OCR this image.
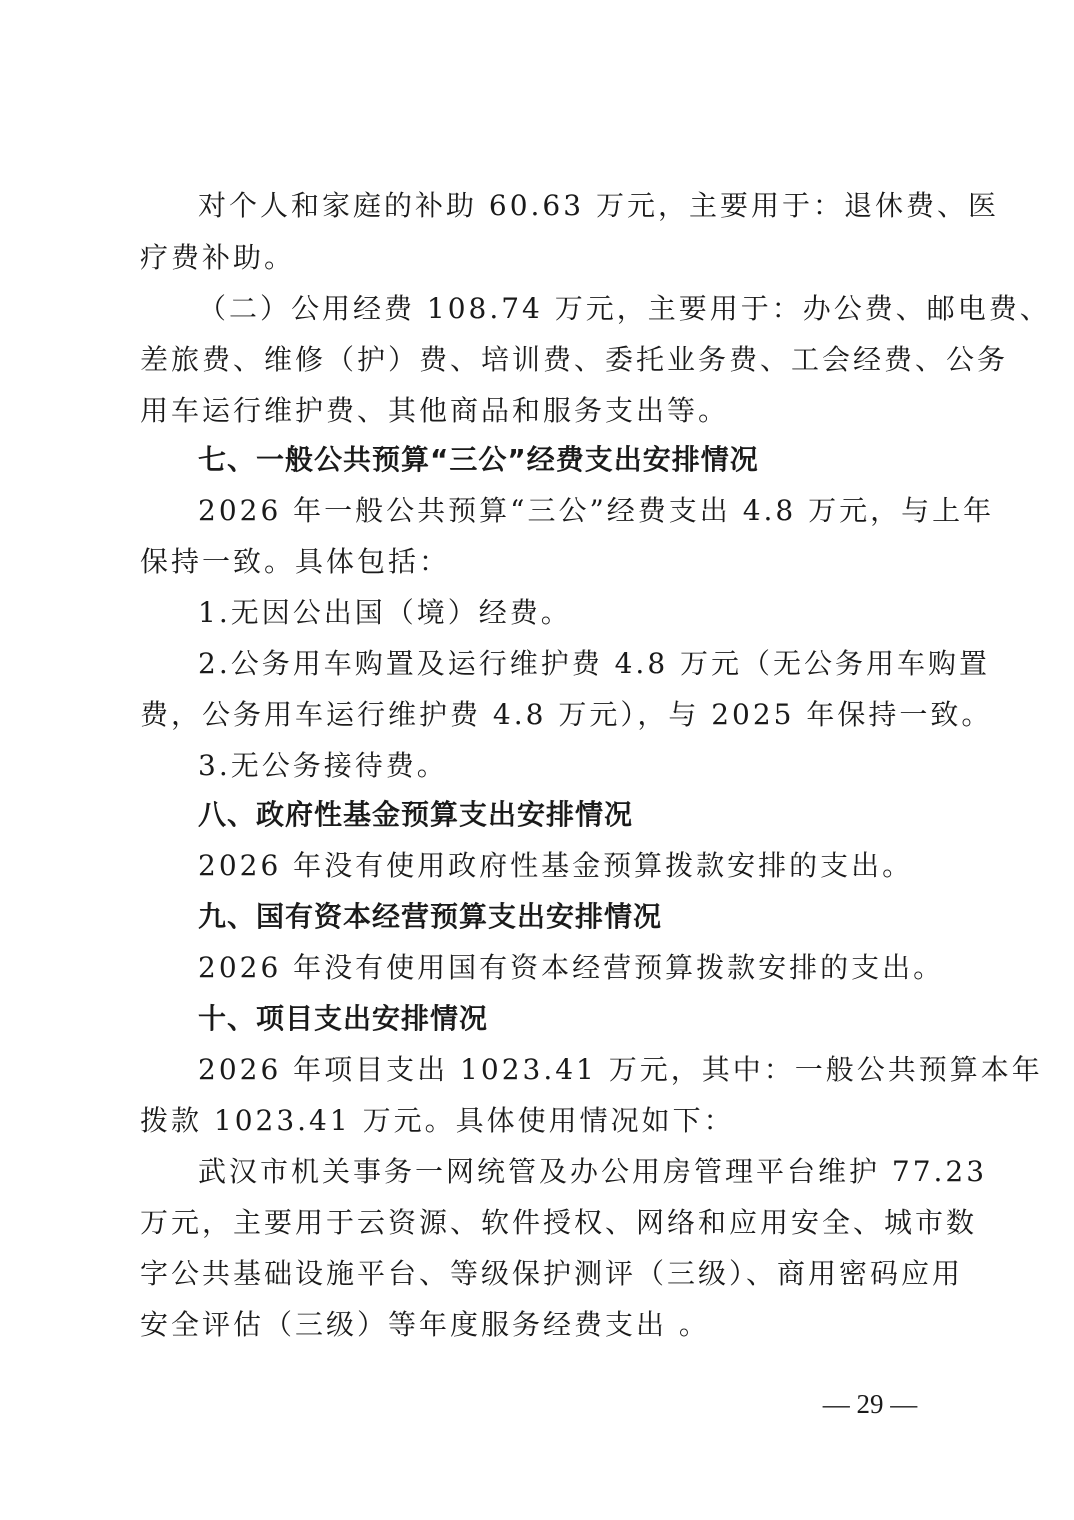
对个人和家庭的补助 60.63 万元，主要用于：退休费、医
疗费补助。
（二）公用经费 108.74 万元，主要用于：办公费、邮电费、
差旅费、维修（护）费、培训费、委托业务费、工会经费、公务
用车运行维护费、其他商品和服务支出等。
七、一般公共预算“三公”经费支出安排情况
2026 年一般公共预算“三公”经费支出 4.8 万元，与上年
保持一致。具体包括：
1.无因公出国（境）经费。
2.公务用车购置及运行维护费 4.8 万元（无公务用车购置
费，公务用车运行维护费 4.8 万元），与 2025 年保持一致。
3.无公务接待费。
八、政府性基金预算支出安排情况
2026 年没有使用政府性基金预算拨款安排的支出。
九、国有资本经营预算支出安排情况
2026 年没有使用国有资本经营预算拨款安排的支出。
十、项目支出安排情况
2026 年项目支出 1023.41 万元，其中：一般公共预算本年
拨款 1023.41 万元。具体使用情况如下：
武汉市机关事务一网统管及办公用房管理平台维护 77.23
万元，主要用于云资源、软件授权、网络和应用安全、城市数
字公共基础设施平台、等级保护测评（三级）、商用密码应用
安全评估（三级）等年度服务经费支出 。
— 29 —
